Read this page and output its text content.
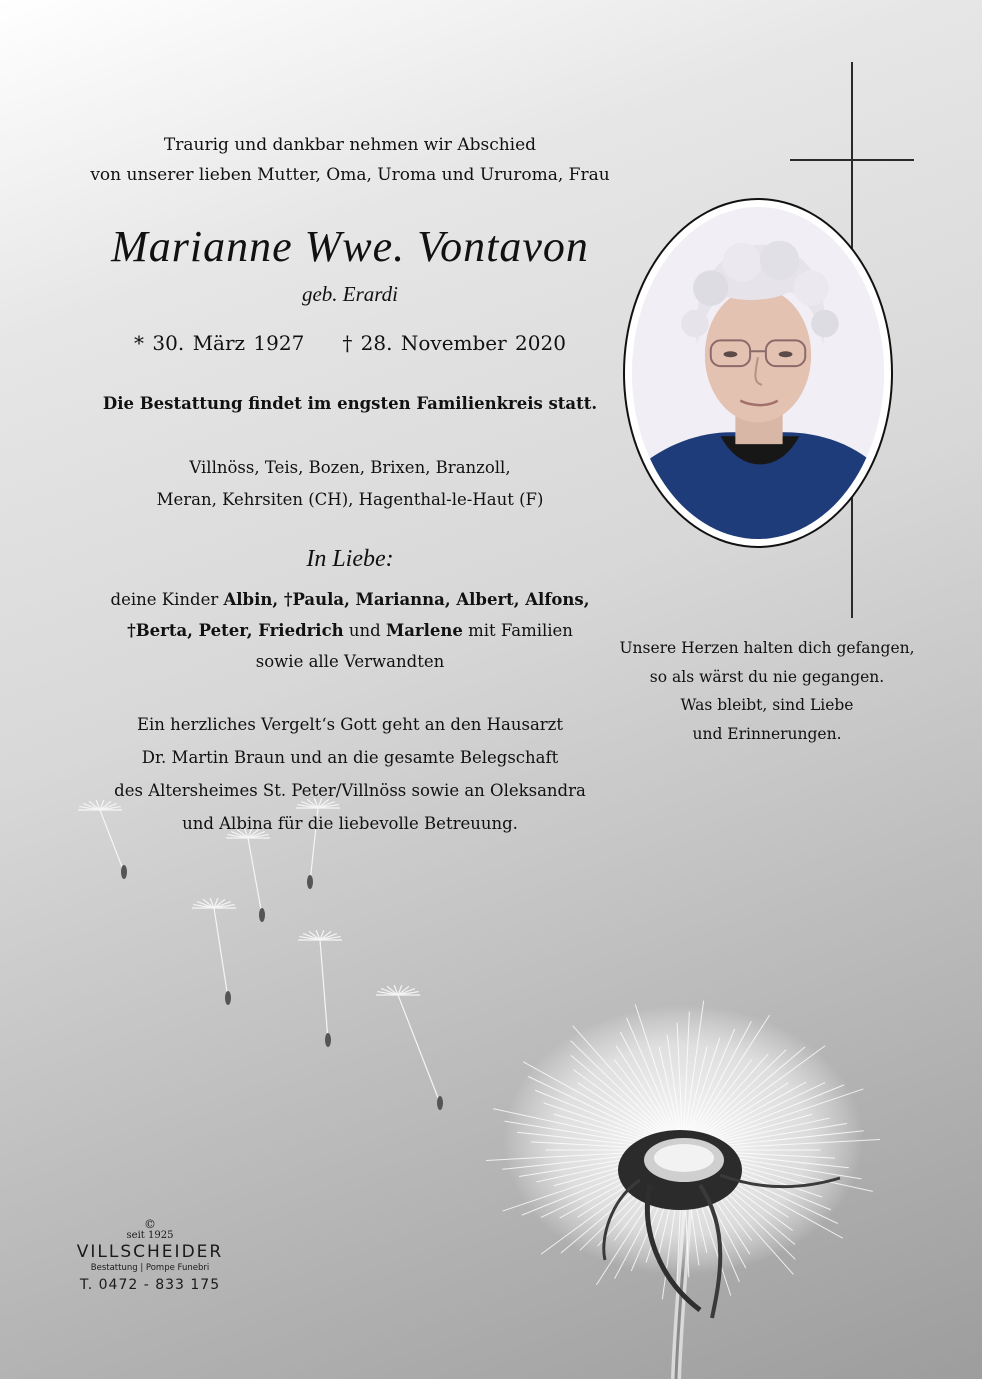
Traurig und dankbar nehmen wir Abschied
von unserer lieben Mutter, Oma, Uroma und Ururoma, Frau
Marianne Wwe. Vontavon
geb. Erardi
* 30. März 1927 † 28. November 2020
Die Bestattung findet im engsten Familienkreis statt.
Villnöss, Teis, Bozen, Brixen, Branzoll,
Meran, Kehrsiten (CH), Hagenthal-le-Haut (F)
In Liebe:
deine Kinder Albin, †Paula, Marianna, Albert, Alfons,
†Berta, Peter, Friedrich und Marlene mit Familien
sowie alle Verwandten
Ein herzliches Vergelt‘s Gott geht an den Hausarzt
Dr. Martin Braun und an die gesamte Belegschaft
des Altersheimes St. Peter/Villnöss sowie an Oleksandra
und Albina für die liebevolle Betreuung.
Unsere Herzen halten dich gefangen,
so als wärst du nie gegangen.
Was bleibt, sind Liebe
und Erinnerungen.
©
seit 1925
VILLSCHEIDER
Bestattung | Pompe Funebri
T. 0472 - 833 175
